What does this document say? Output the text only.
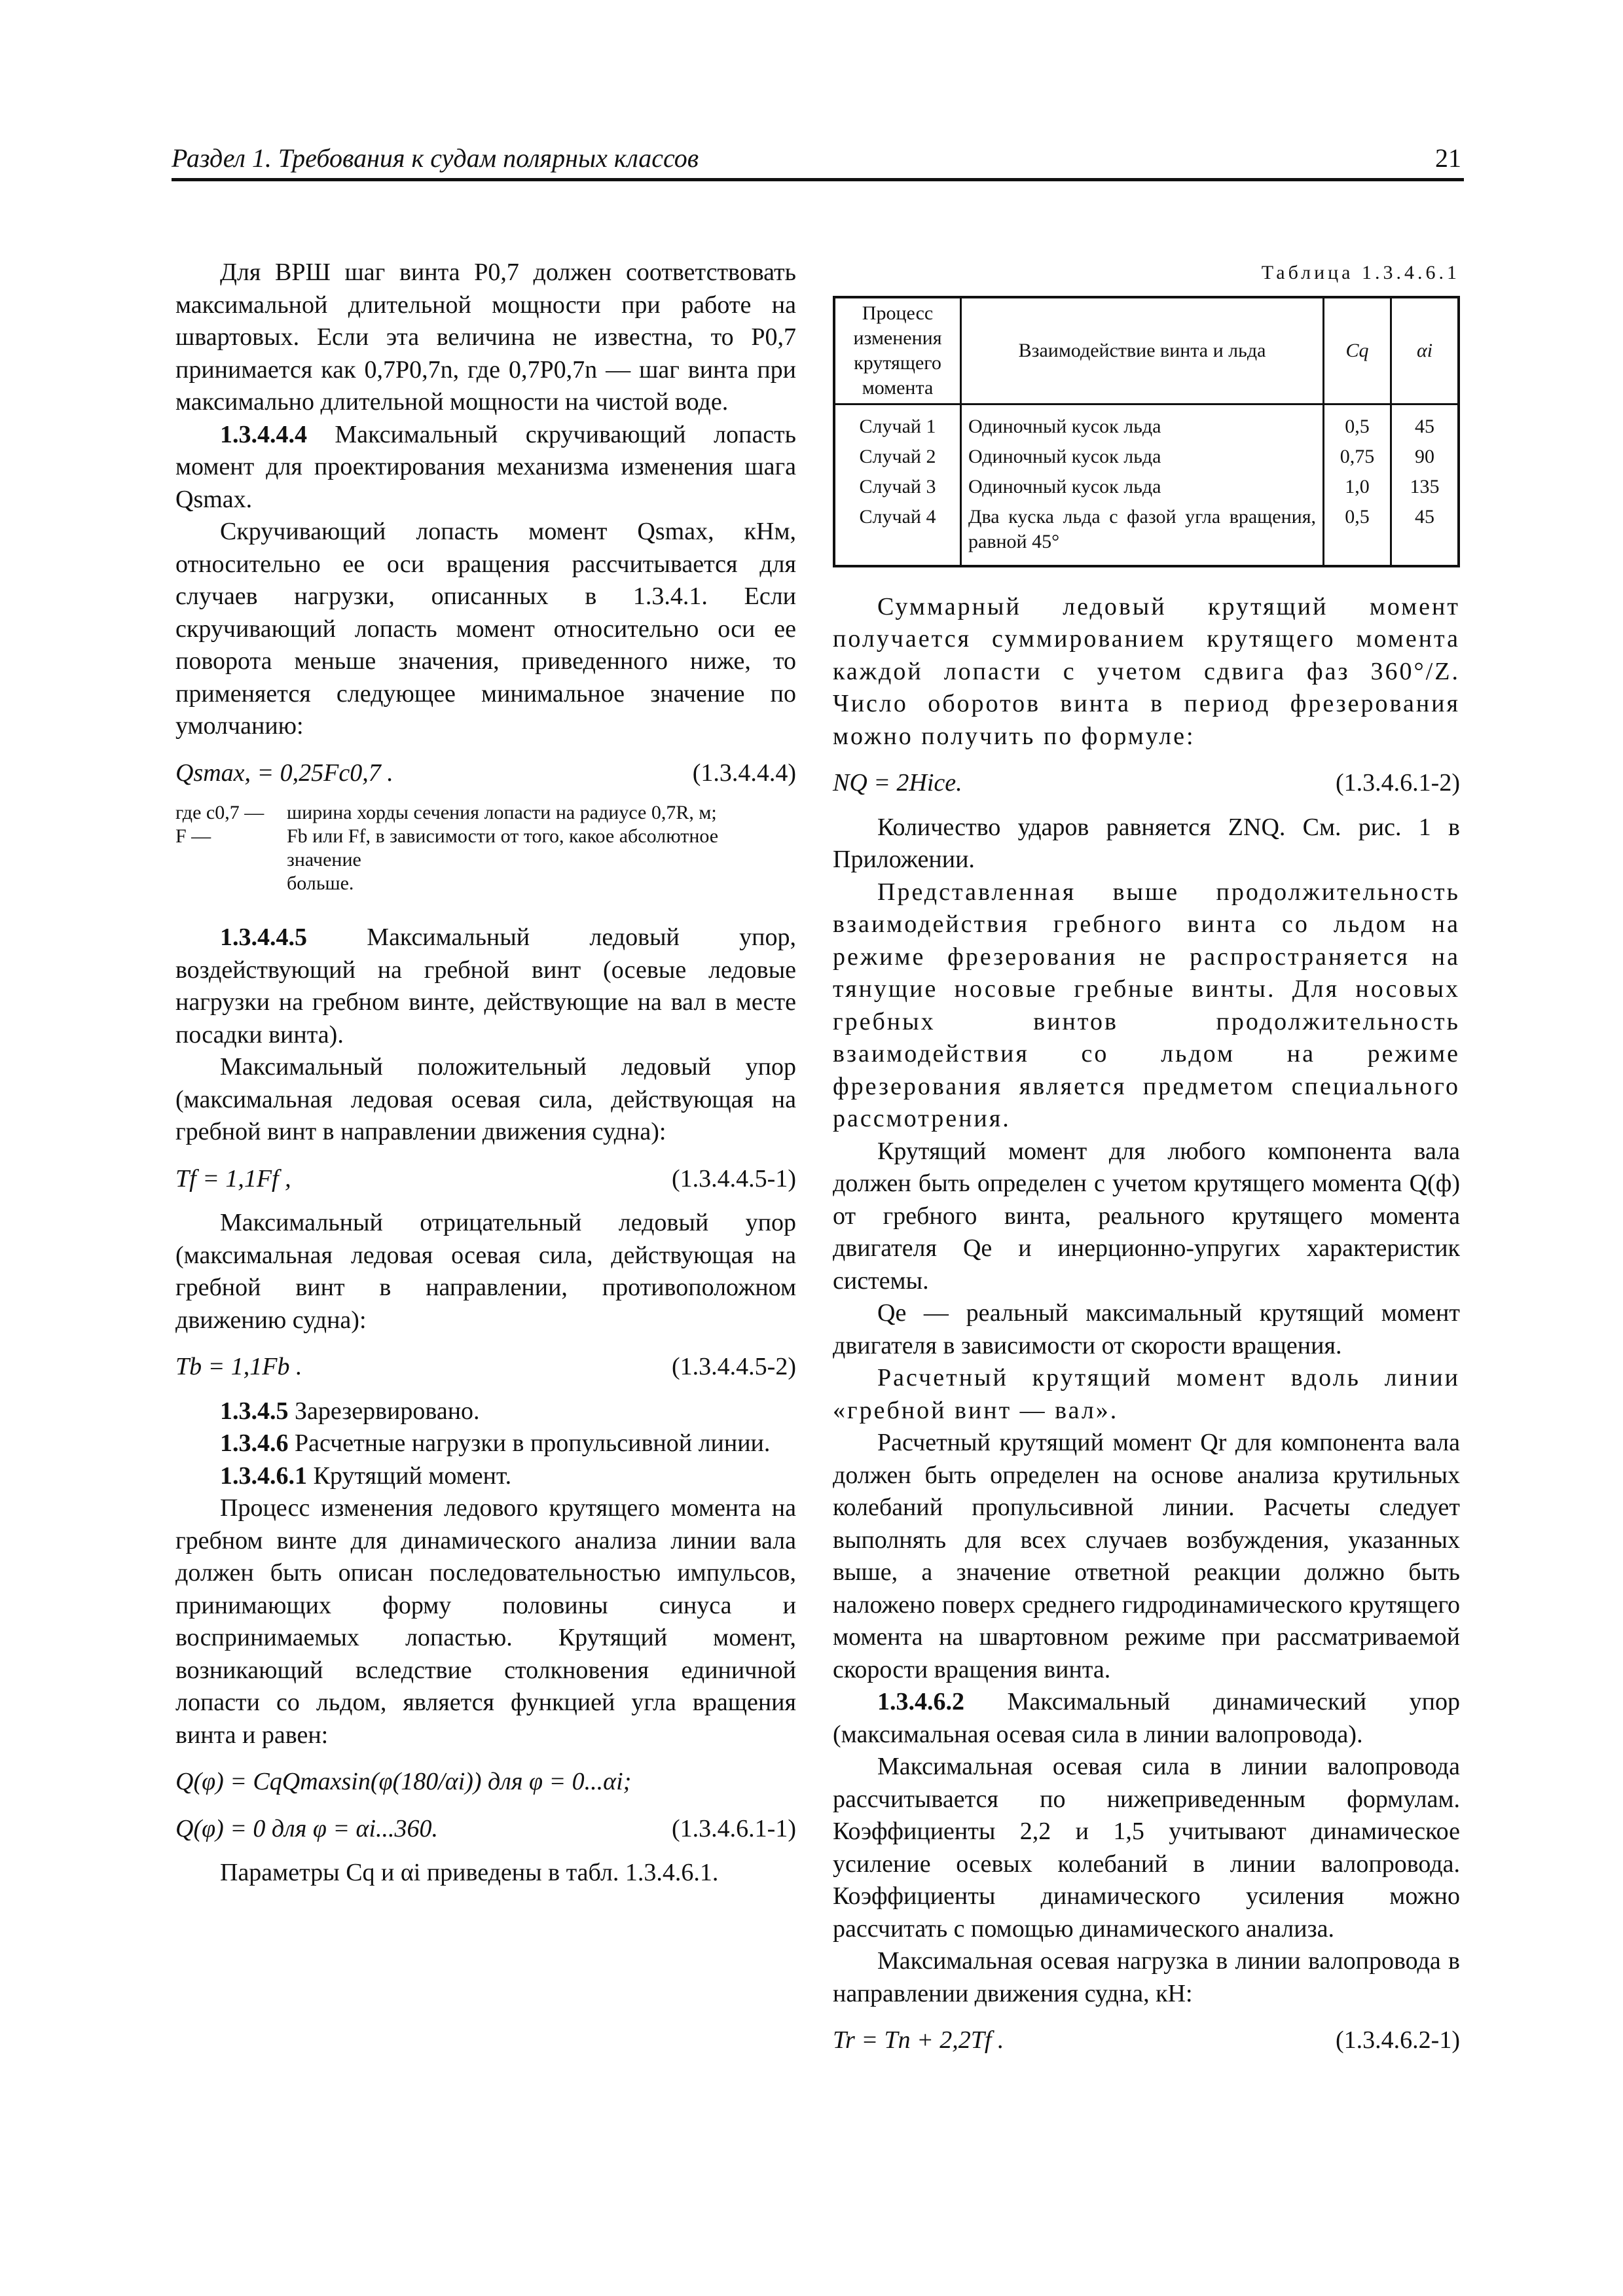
Раздел 1. Требования к судам полярных классов	21

Для ВРШ шаг винта P0,7 должен соответствовать максимальной длительной мощности при работе на швартовых. Если эта величина не известна, то P0,7 принимается как 0,7P0,7n, где 0,7P0,7n — шаг винта при максимально длительной мощности на чистой воде.

1.3.4.4.4 Максимальный скручивающий лопасть момент для проектирования механизма изменения шага Qsmax.

Скручивающий лопасть момент Qsmax, кНм, относительно ее оси вращения рассчитывается для случаев нагрузки, описанных в 1.3.4.1. Если скручивающий лопасть момент относительно оси ее поворота меньше значения, приведенного ниже, то применяется следующее минимальное значение по умолчанию:

Qsmax, = 0,25Fc0,7 .	(1.3.4.4.4)
где c0,7 —	ширина хорды сечения лопасти на радиусе 0,7R, м;
F —	Fb или Ff, в зависимости от того, какое абсолютное значение
больше.

1.3.4.4.5 Максимальный ледовый упор, воздействующий на гребной винт (осевые ледовые нагрузки на гребном винте, действующие на вал в месте посадки винта).

Максимальный положительный ледовый упор (максимальная ледовая осевая сила, действующая на гребной винт в направлении движения судна):

Tf = 1,1Ff ,	(1.3.4.4.5-1)

Максимальный отрицательный ледовый упор (максимальная ледовая осевая сила, действующая на гребной винт в направлении, противоположном движению судна):

Tb = 1,1Fb .	(1.3.4.4.5-2)

1.3.4.5 Зарезервировано.

1.3.4.6 Расчетные нагрузки в пропульсивной линии.

1.3.4.6.1 Крутящий момент.

Процесс изменения ледового крутящего момента на гребном винте для динамического анализа линии вала должен быть описан последовательностью импульсов, принимающих форму половины синуса и воспринимаемых лопастью. Крутящий момент, возникающий вследствие столкновения единичной лопасти со льдом, является функцией угла вращения винта и равен:

Q(φ) = CqQmaxsin(φ(180/αi)) для φ = 0...αi;
Q(φ) = 0 для φ = αi...360.	(1.3.4.6.1-1)

Параметры Cq и αi приведены в табл. 1.3.4.6.1.

Таблица 1.3.4.6.1
Процесс изменения крутящего момента	Взаимодействие винта и льда	Cq	αi
Случай 1	Одиночный кусок льда	0,5	45
Случай 2	Одиночный кусок льда	0,75	90
Случай 3	Одиночный кусок льда	1,0	135
Случай 4	Два куска льда с фазой угла вращения, равной 45°	0,5	45

Суммарный ледовый крутящий момент получается суммированием крутящего момента каждой лопасти с учетом сдвига фаз 360°/Z. Число оборотов винта в период фрезерования можно получить по формуле:

NQ = 2Hice.	(1.3.4.6.1-2)

Количество ударов равняется ZNQ. См. рис. 1 в Приложении.

Представленная выше продолжительность взаимодействия гребного винта со льдом на режиме фрезерования не распространяется на тянущие носовые гребные винты. Для носовых гребных винтов продолжительность взаимодействия со льдом на режиме фрезерования является предметом специального рассмотрения.

Крутящий момент для любого компонента вала должен быть определен с учетом крутящего момента Q(ф) от гребного винта, реального крутящего момента двигателя Qe и инерционно-упругих характеристик системы.

Qe — реальный максимальный крутящий момент двигателя в зависимости от скорости вращения.

Расчетный крутящий момент вдоль линии «гребной винт — вал».

Расчетный крутящий момент Qr для компонента вала должен быть определен на основе анализа крутильных колебаний пропульсивной линии. Расчеты следует выполнять для всех случаев возбуждения, указанных выше, а значение ответной реакции должно быть наложено поверх среднего гидродинамического крутящего момента на швартовном режиме при рассматриваемой скорости вращения винта.

1.3.4.6.2 Максимальный динамический упор (максимальная осевая сила в линии валопровода).

Максимальная осевая сила в линии валопровода рассчитывается по нижеприведенным формулам. Коэффициенты 2,2 и 1,5 учитывают динамическое усиление осевых колебаний в линии валопровода. Коэффициенты динамического усиления можно рассчитать с помощью динамического анализа.

Максимальная осевая нагрузка в линии валопровода в направлении движения судна, кН:

Tr = Tn + 2,2Tf .	(1.3.4.6.2-1)
